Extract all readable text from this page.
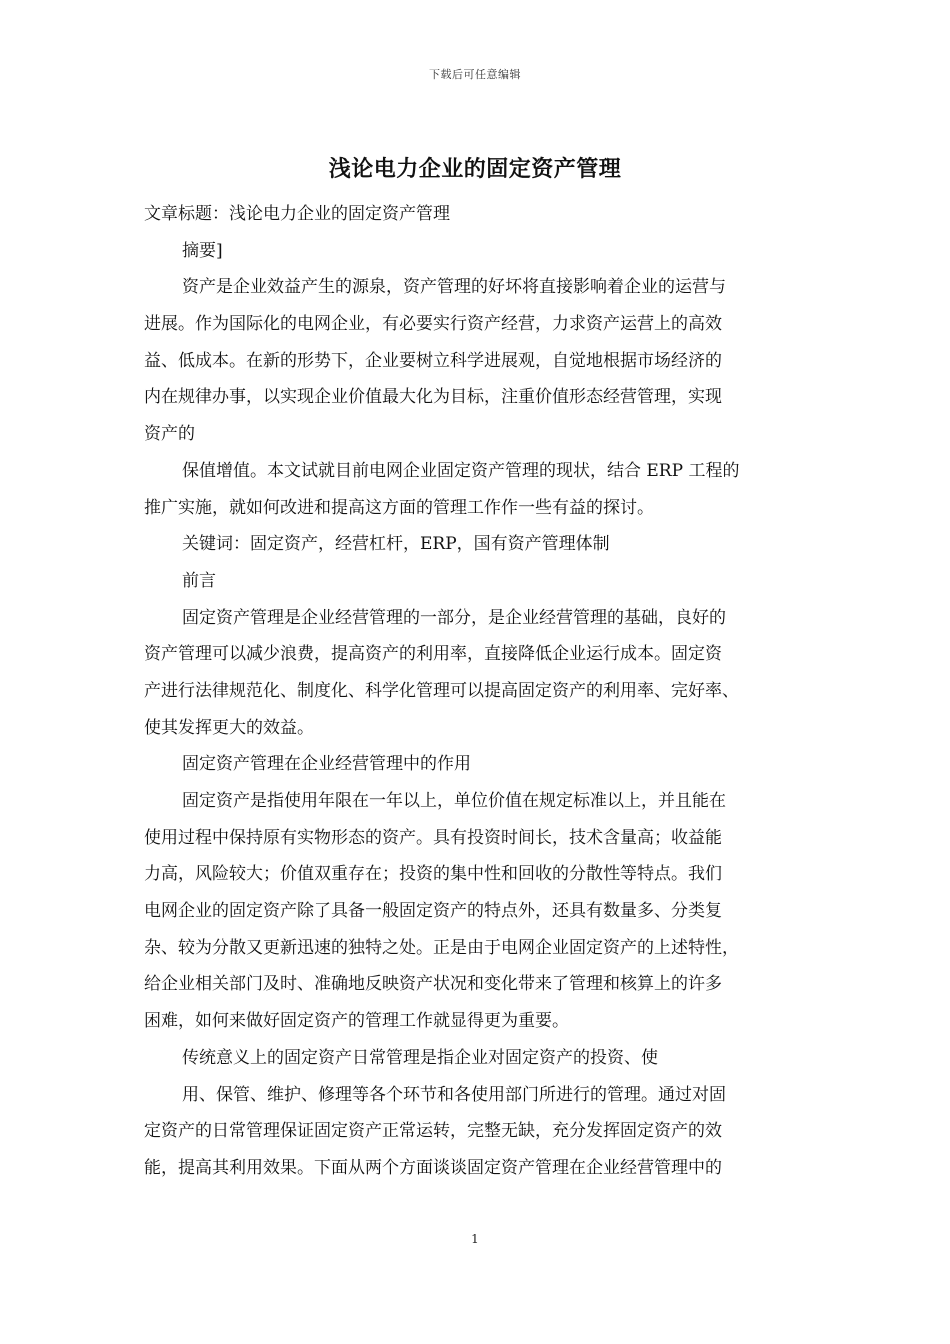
下载后可任意编辑
浅论电力企业的固定资产管理
文章标题：浅论电力企业的固定资产管理
摘要]
资产是企业效益产生的源泉，资产管理的好坏将直接影响着企业的运营与
进展。作为国际化的电网企业，有必要实行资产经营，力求资产运营上的高效
益、低成本。在新的形势下，企业要树立科学进展观，自觉地根据市场经济的
内在规律办事，以实现企业价值最大化为目标，注重价值形态经营管理，实现
资产的
保值增值。本文试就目前电网企业固定资产管理的现状，结合 ERP 工程的
推广实施，就如何改进和提高这方面的管理工作作一些有益的探讨。
关键词：固定资产，经营杠杆，ERP，国有资产管理体制
前言
固定资产管理是企业经营管理的一部分，是企业经营管理的基础，良好的
资产管理可以减少浪费，提高资产的利用率，直接降低企业运行成本。固定资
产进行法律规范化、制度化、科学化管理可以提高固定资产的利用率、完好率、
使其发挥更大的效益。
固定资产管理在企业经营管理中的作用
固定资产是指使用年限在一年以上，单位价值在规定标准以上，并且能在
使用过程中保持原有实物形态的资产。具有投资时间长，技术含量高；收益能
力高，风险较大；价值双重存在；投资的集中性和回收的分散性等特点。我们
电网企业的固定资产除了具备一般固定资产的特点外，还具有数量多、分类复
杂、较为分散又更新迅速的独特之处。正是由于电网企业固定资产的上述特性，
给企业相关部门及时、准确地反映资产状况和变化带来了管理和核算上的许多
困难，如何来做好固定资产的管理工作就显得更为重要。
传统意义上的固定资产日常管理是指企业对固定资产的投资、使
用、保管、维护、修理等各个环节和各使用部门所进行的管理。通过对固
定资产的日常管理保证固定资产正常运转，完整无缺，充分发挥固定资产的效
能，提高其利用效果。下面从两个方面谈谈固定资产管理在企业经营管理中的
1
